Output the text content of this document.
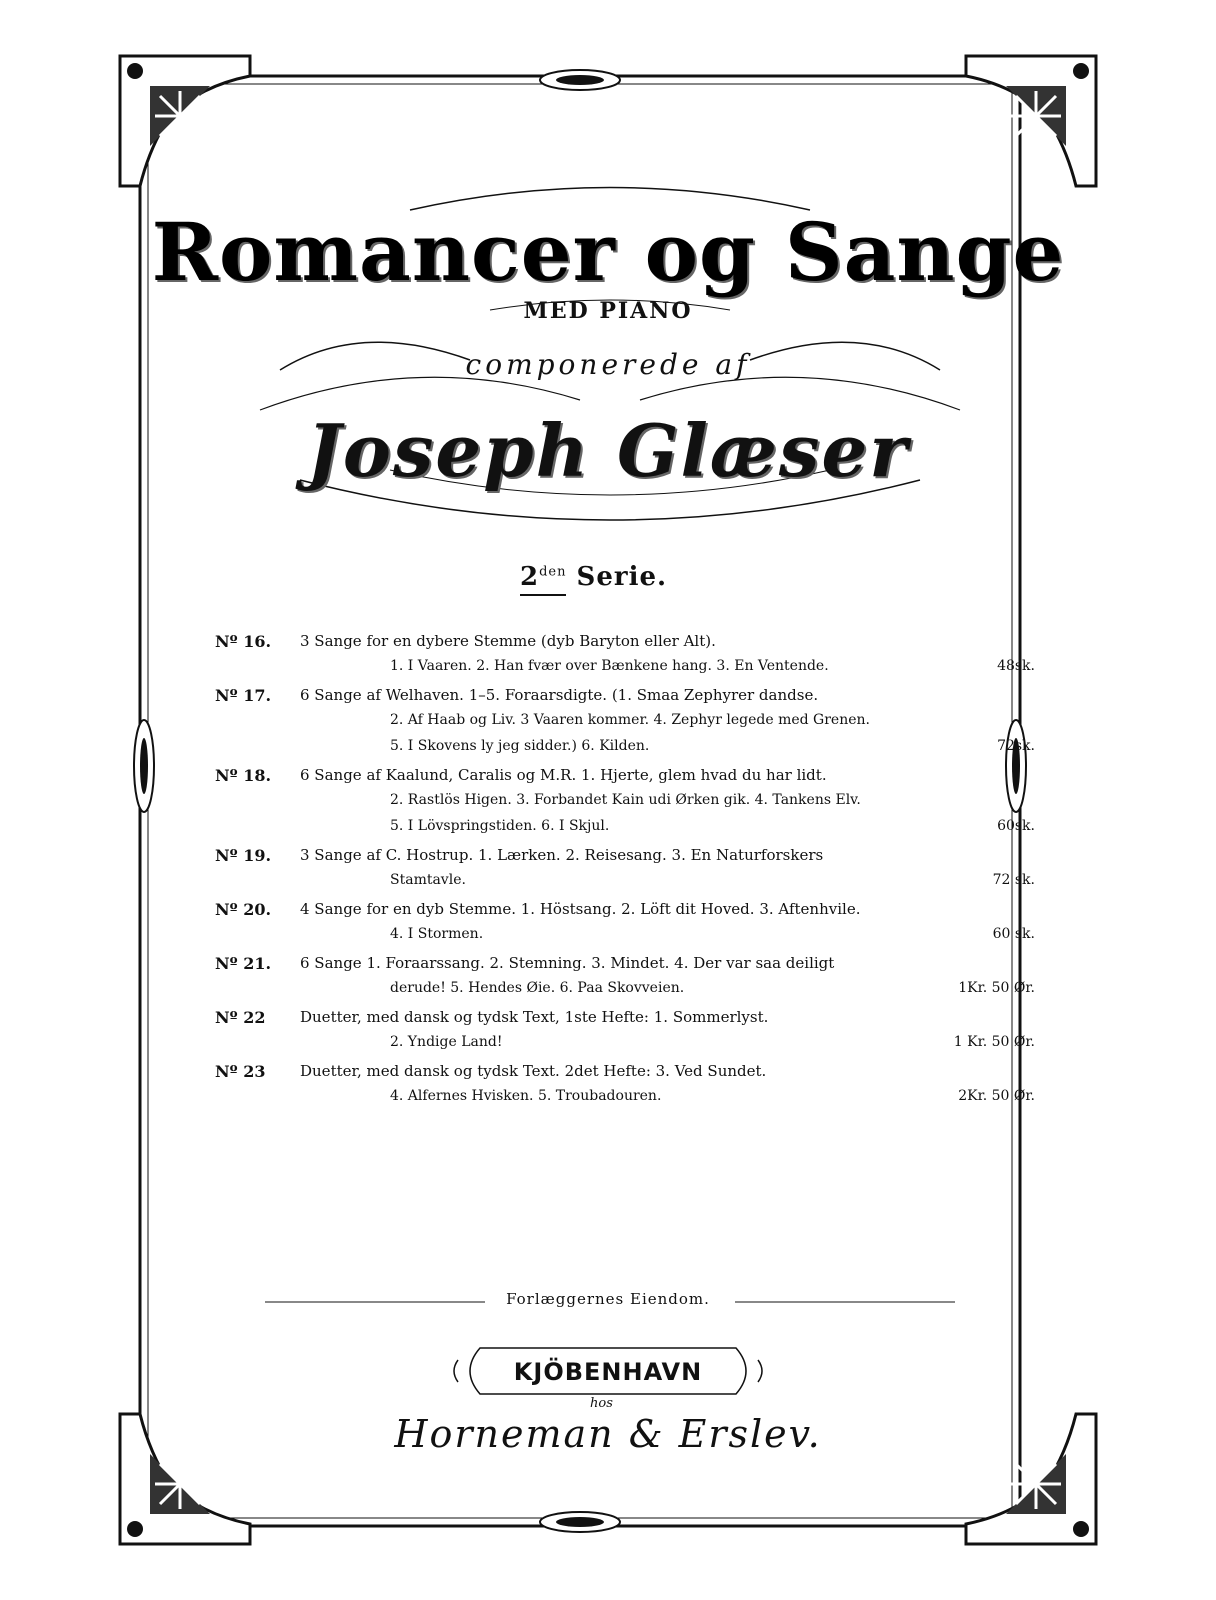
Romancer og Sange
MED PIANO
componerede af
Joseph Glæser
$2^{den}$ Serie.
Nº 16.	3 Sange for en dybere Stemme (dyb Baryton eller Alt).
1. I Vaaren. 2. Han fvær over Bænkene hang. 3. En Ventende.	48sk.
Nº 17.	6 Sange af Welhaven. 1–5. Foraarsdigte. (1. Smaa Zephyrer dandse.
2. Af Haab og Liv. 3 Vaaren kommer. 4. Zephyr legede med Grenen.
5. I Skovens ly jeg sidder.) 6. Kilden.	72sk.
Nº 18.	6 Sange af Kaalund, Caralis og M.R. 1. Hjerte, glem hvad du har lidt.
2. Rastlös Higen. 3. Forbandet Kain udi Ørken gik. 4. Tankens Elv.
5. I Lövspringstiden. 6. I Skjul.	60sk.
Nº 19.	3 Sange af C. Hostrup. 1. Lærken. 2. Reisesang. 3. En Naturforskers
Stamtavle.	72 sk.
Nº 20.	4 Sange for en dyb Stemme. 1. Höstsang. 2. Löft dit Hoved. 3. Aftenhvile.
4. I Stormen.	60 sk.
Nº 21.	6 Sange 1. Foraarssang. 2. Stemning. 3. Mindet. 4. Der var saa deiligt
derude! 5. Hendes Øie. 6. Paa Skovveien.	1Kr. 50 Ør.
Nº 22	Duetter, med dansk og tydsk Text, 1ste Hefte: 1. Sommerlyst.
2. Yndige Land!	1 Kr. 50 Ør.
Nº 23	Duetter, med dansk og tydsk Text. 2det Hefte: 3. Ved Sundet.
4. Alfernes Hvisken. 5. Troubadouren.	2Kr. 50 Ør.
Forlæggernes Eiendom.
KJÖBENHAVN
hos
Horneman & Erslev.
